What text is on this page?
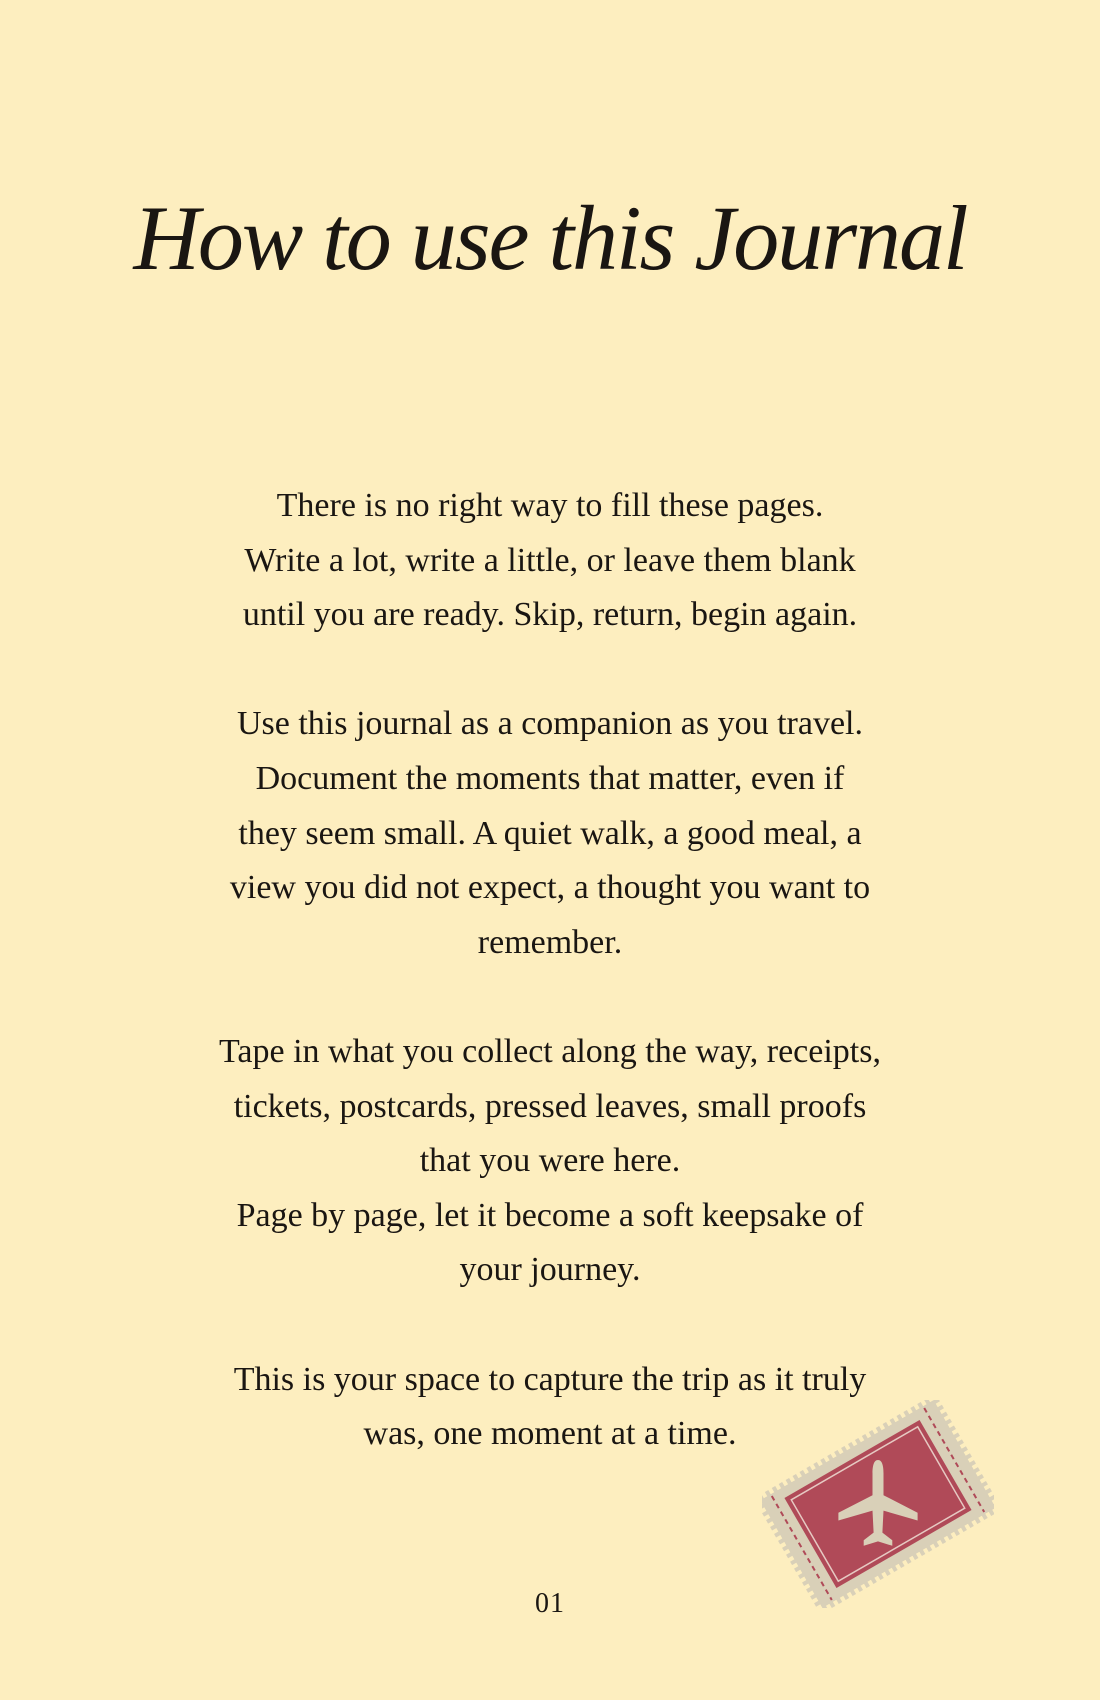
How to use this Journal
There is no right way to fill these pages.
Write a lot, write a little, or leave them blank
until you are ready. Skip, return, begin again.
Use this journal as a companion as you travel.
Document the moments that matter, even if
they seem small. A quiet walk, a good meal, a
view you did not expect, a thought you want to
remember.
Tape in what you collect along the way, receipts,
tickets, postcards, pressed leaves, small proofs
that you were here.
Page by page, let it become a soft keepsake of
your journey.
This is your space to capture the trip as it truly
was, one moment at a time.
01
